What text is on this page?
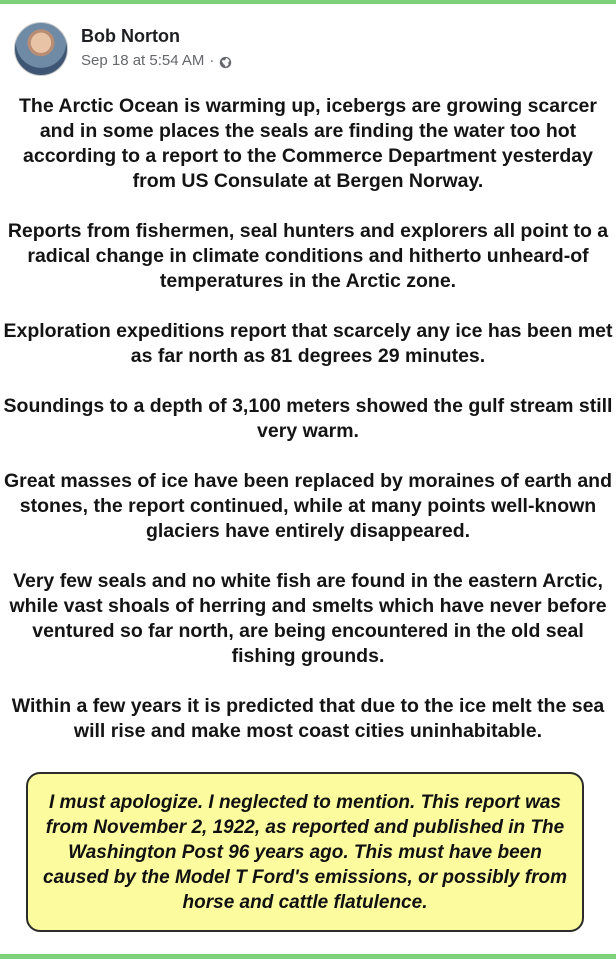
Bob Norton
Sep 18 at 5:54 AM ·

The Arctic Ocean is warming up, icebergs are growing scarcer and in some places the seals are finding the water too hot according to a report to the Commerce Department yesterday from US Consulate at Bergen Norway.

Reports from fishermen, seal hunters and explorers all point to a radical change in climate conditions and hitherto unheard-of temperatures in the Arctic zone.

Exploration expeditions report that scarcely any ice has been met as far north as 81 degrees 29 minutes.

Soundings to a depth of 3,100 meters showed the gulf stream still very warm.

Great masses of ice have been replaced by moraines of earth and stones, the report continued, while at many points well-known glaciers have entirely disappeared.

Very few seals and no white fish are found in the eastern Arctic, while vast shoals of herring and smelts which have never before ventured so far north, are being encountered in the old seal fishing grounds.

Within a few years it is predicted that due to the ice melt the sea will rise and make most coast cities uninhabitable.

I must apologize. I neglected to mention. This report was from November 2, 1922, as reported and published in The Washington Post 96 years ago. This must have been caused by the Model T Ford's emissions, or possibly from horse and cattle flatulence.
